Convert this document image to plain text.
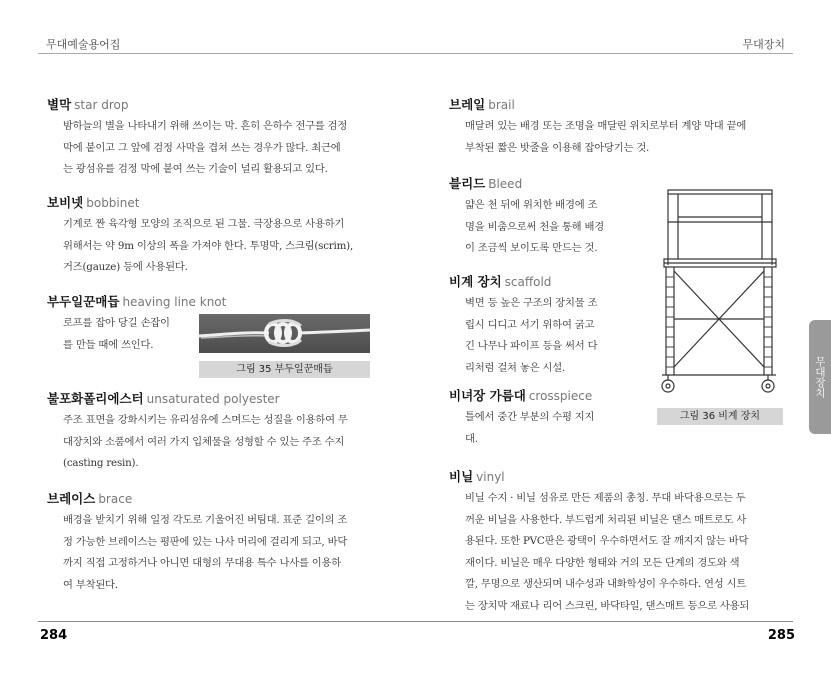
무대예술용어집	무대장치
별막 star drop
밤하늘의 별을 나타내기 위해 쓰이는 막. 흔히 은하수 전구를 검정
막에 붙이고 그 앞에 검정 사막을 겹쳐 쓰는 경우가 많다. 최근에
는 광섬유를 검정 막에 붙여 쓰는 기술이 널리 활용되고 있다.
보비넷 bobbinet
기계로 짠 육각형 모양의 조직으로 된 그물. 극장용으로 사용하기
위해서는 약 9m 이상의 폭을 가져야 한다. 투명막, 스크림(scrim),
거즈(gauze) 등에 사용된다.
부두일꾼매듭 heaving line knot
로프를 잡아 당길 손잡이
를 만들 때에 쓰인다.
그림 35 부두일꾼매듭
불포화폴리에스터 unsaturated polyester
주조 표면을 강화시키는 유리섬유에 스며드는 성질을 이용하여 무
대장치와 소품에서 여러 가지 입체물을 성형할 수 있는 주조 수지
(casting resin).
브레이스 brace
배경을 받치기 위해 일정 각도로 기울어진 버팀대. 표준 길이의 조
정 가능한 브레이스는 평판에 있는 나사 머리에 걸리게 되고, 바닥
까지 직접 고정하거나 아니면 대형의 무대용 특수 나사를 이용하
여 부착된다.
브레일 brail
매달려 있는 배경 또는 조명을 매달린 위치로부터 계양 막대 끝에
부착된 짧은 밧줄을 이용해 잡아당기는 것.
블리드 Bleed
얇은 천 뒤에 위치한 배경에 조
명을 비춤으로써 천을 통해 배경
이 조금씩 보이도록 만드는 것.
비계 장치 scaffold
벽면 등 높은 구조의 장치물 조
립시 디디고 서기 위하여 굵고
긴 나무나 파이프 등을 써서 다
리처럼 걸쳐 놓은 시설.
비녀장 가름대 crosspiece
틀에서 중간 부분의 수평 지지
대.
비닐 vinyl
비닐 수지 · 비닐 섬유로 만든 제품의 총칭. 무대 바닥용으로는 두
꺼운 비닐을 사용한다. 부드럽게 처리된 비닐은 댄스 매트로도 사
용된다. 또한 PVC판은 광택이 우수하면서도 잘 깨지지 않는 바닥
재이다. 비닐은 매우 다양한 형태와 거의 모든 단계의 경도와 색
깔, 무명으로 생산되며 내수성과 내화학성이 우수하다. 연성 시트
는 장치막 재료나 리어 스크린, 바닥타일, 댄스매트 등으로 사용되
그림 36 비계 장치
무대장치
284	285
